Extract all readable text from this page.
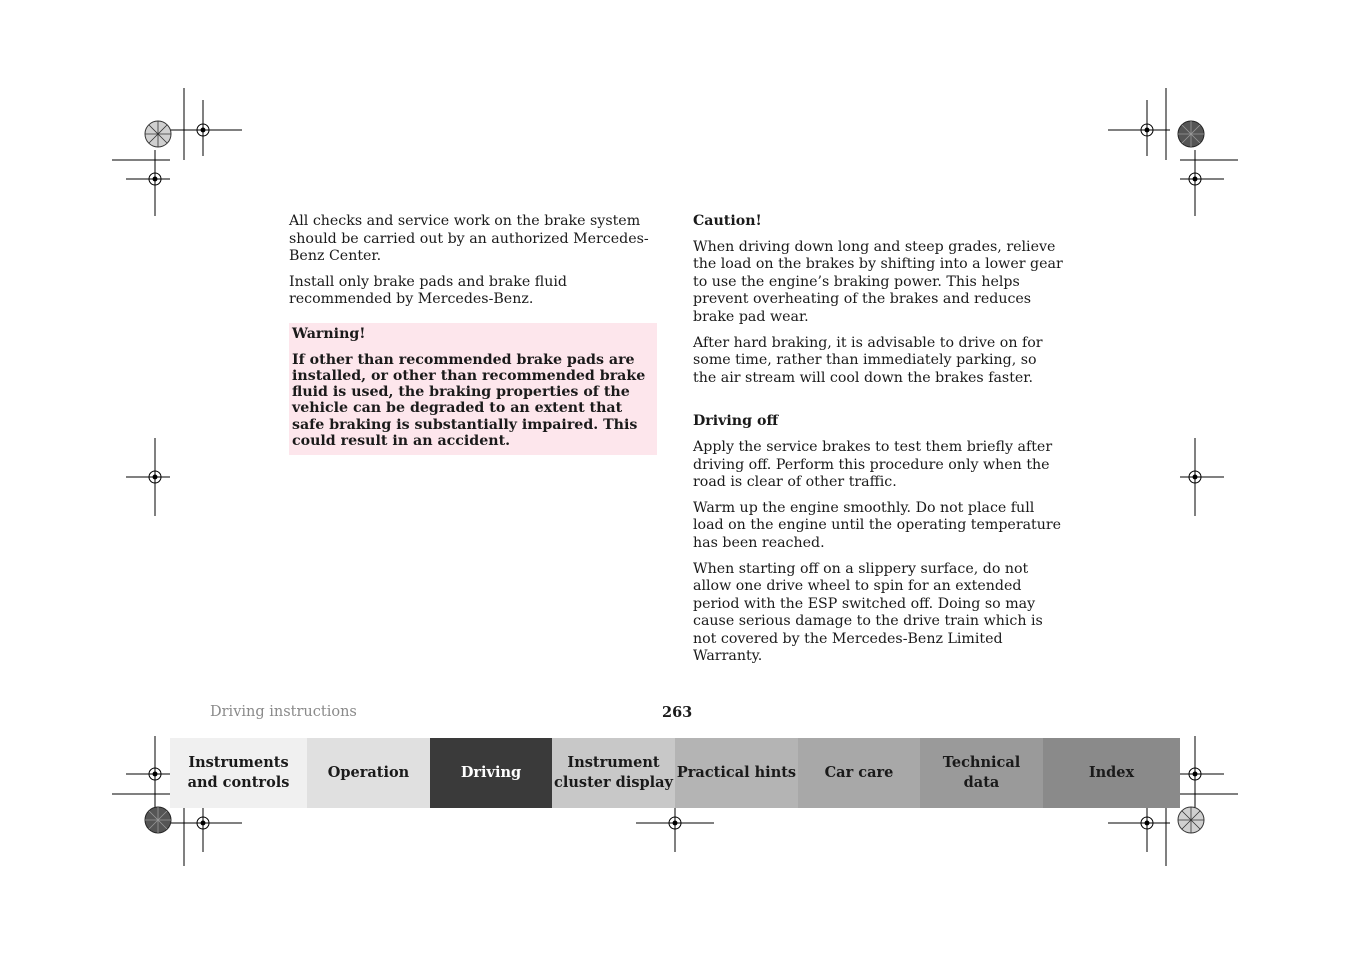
All checks and service work on the brake system should be carried out by an authorized Mercedes-Benz Center.

Install only brake pads and brake fluid recommended by Mercedes-Benz.

Warning!

If other than recommended brake pads are installed, or other than recommended brake fluid is used, the braking properties of the vehicle can be degraded to an extent that safe braking is substantially impaired. This could result in an accident.

Caution!

When driving down long and steep grades, relieve the load on the brakes by shifting into a lower gear to use the engine’s braking power. This helps prevent overheating of the brakes and reduces brake pad wear.

After hard braking, it is advisable to drive on for some time, rather than immediately parking, so the air stream will cool down the brakes faster.

Driving off

Apply the service brakes to test them briefly after driving off. Perform this procedure only when the road is clear of other traffic.

Warm up the engine smoothly. Do not place full load on the engine until the operating temperature has been reached.

When starting off on a slippery surface, do not allow one drive wheel to spin for an extended period with the ESP switched off. Doing so may cause serious damage to the drive train which is not covered by the Mercedes-Benz Limited Warranty.

Driving instructions	263
Instruments
and controls
Operation	Driving
Instrument
cluster display
Practical hints	Car care
Technical
data
Index
